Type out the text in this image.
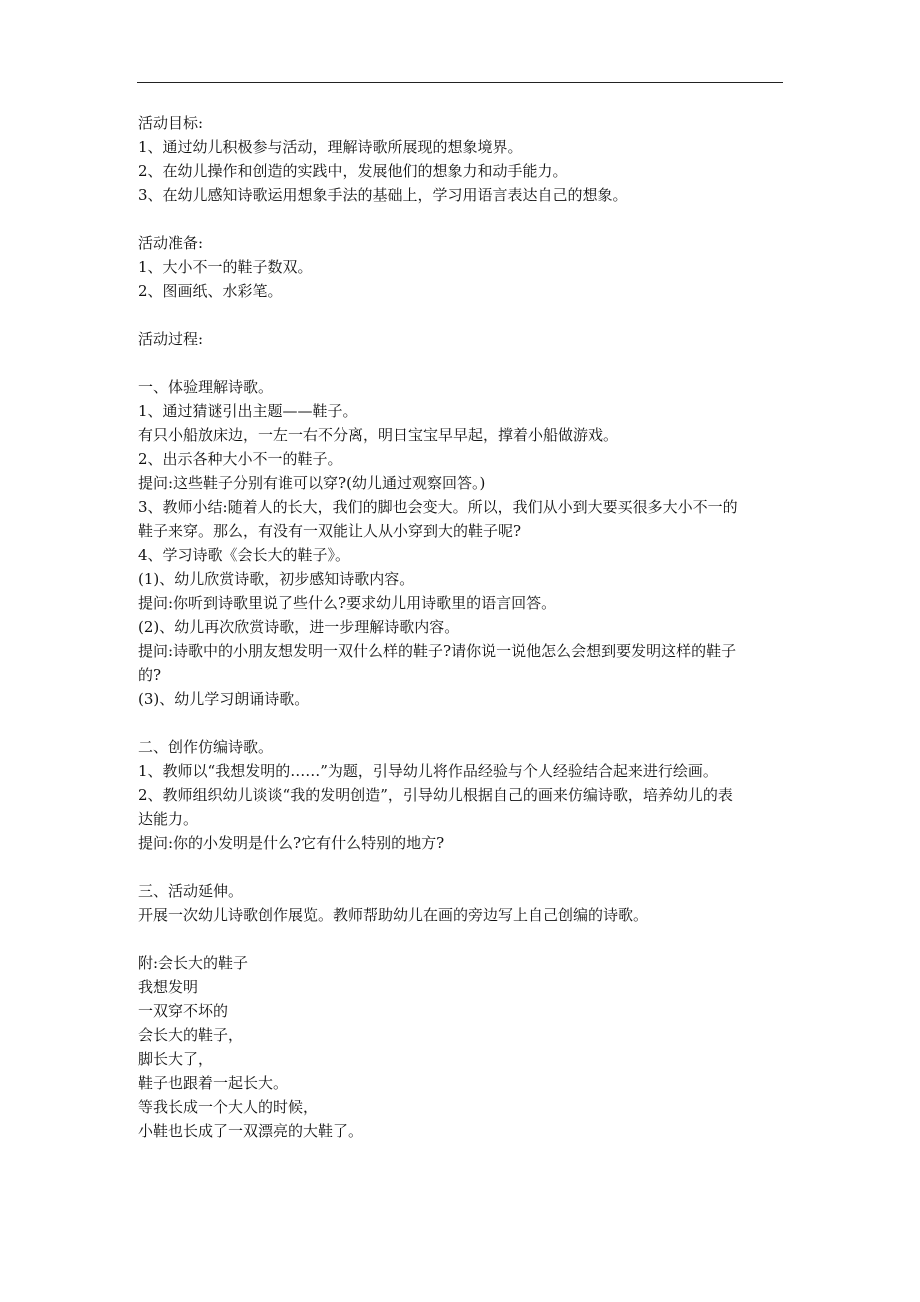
活动目标:
1、通过幼儿积极参与活动，理解诗歌所展现的想象境界。
2、在幼儿操作和创造的实践中，发展他们的想象力和动手能力。
3、在幼儿感知诗歌运用想象手法的基础上，学习用语言表达自己的想象。
活动准备:
1、大小不一的鞋子数双。
2、图画纸、水彩笔。
活动过程:
一、体验理解诗歌。
1、通过猜谜引出主题——鞋子。
有只小船放床边，一左一右不分离，明日宝宝早早起，撑着小船做游戏。
2、出示各种大小不一的鞋子。
提问:这些鞋子分别有谁可以穿?(幼儿通过观察回答。)
3、教师小结:随着人的长大，我们的脚也会变大。所以，我们从小到大要买很多大小不一的
鞋子来穿。那么，有没有一双能让人从小穿到大的鞋子呢?
4、学习诗歌《会长大的鞋子》。
(1)、幼儿欣赏诗歌，初步感知诗歌内容。
提问:你听到诗歌里说了些什么?要求幼儿用诗歌里的语言回答。
(2)、幼儿再次欣赏诗歌，进一步理解诗歌内容。
提问:诗歌中的小朋友想发明一双什么样的鞋子?请你说一说他怎么会想到要发明这样的鞋子
的?
(3)、幼儿学习朗诵诗歌。
二、创作仿编诗歌。
1、教师以“我想发明的……”为题，引导幼儿将作品经验与个人经验结合起来进行绘画。
2、教师组织幼儿谈谈“我的发明创造”，引导幼儿根据自己的画来仿编诗歌，培养幼儿的表
达能力。
提问:你的小发明是什么?它有什么特别的地方?
三、活动延伸。
开展一次幼儿诗歌创作展览。教师帮助幼儿在画的旁边写上自己创编的诗歌。
附:会长大的鞋子
我想发明
一双穿不坏的
会长大的鞋子，
脚长大了，
鞋子也跟着一起长大。
等我长成一个大人的时候，
小鞋也长成了一双漂亮的大鞋了。
